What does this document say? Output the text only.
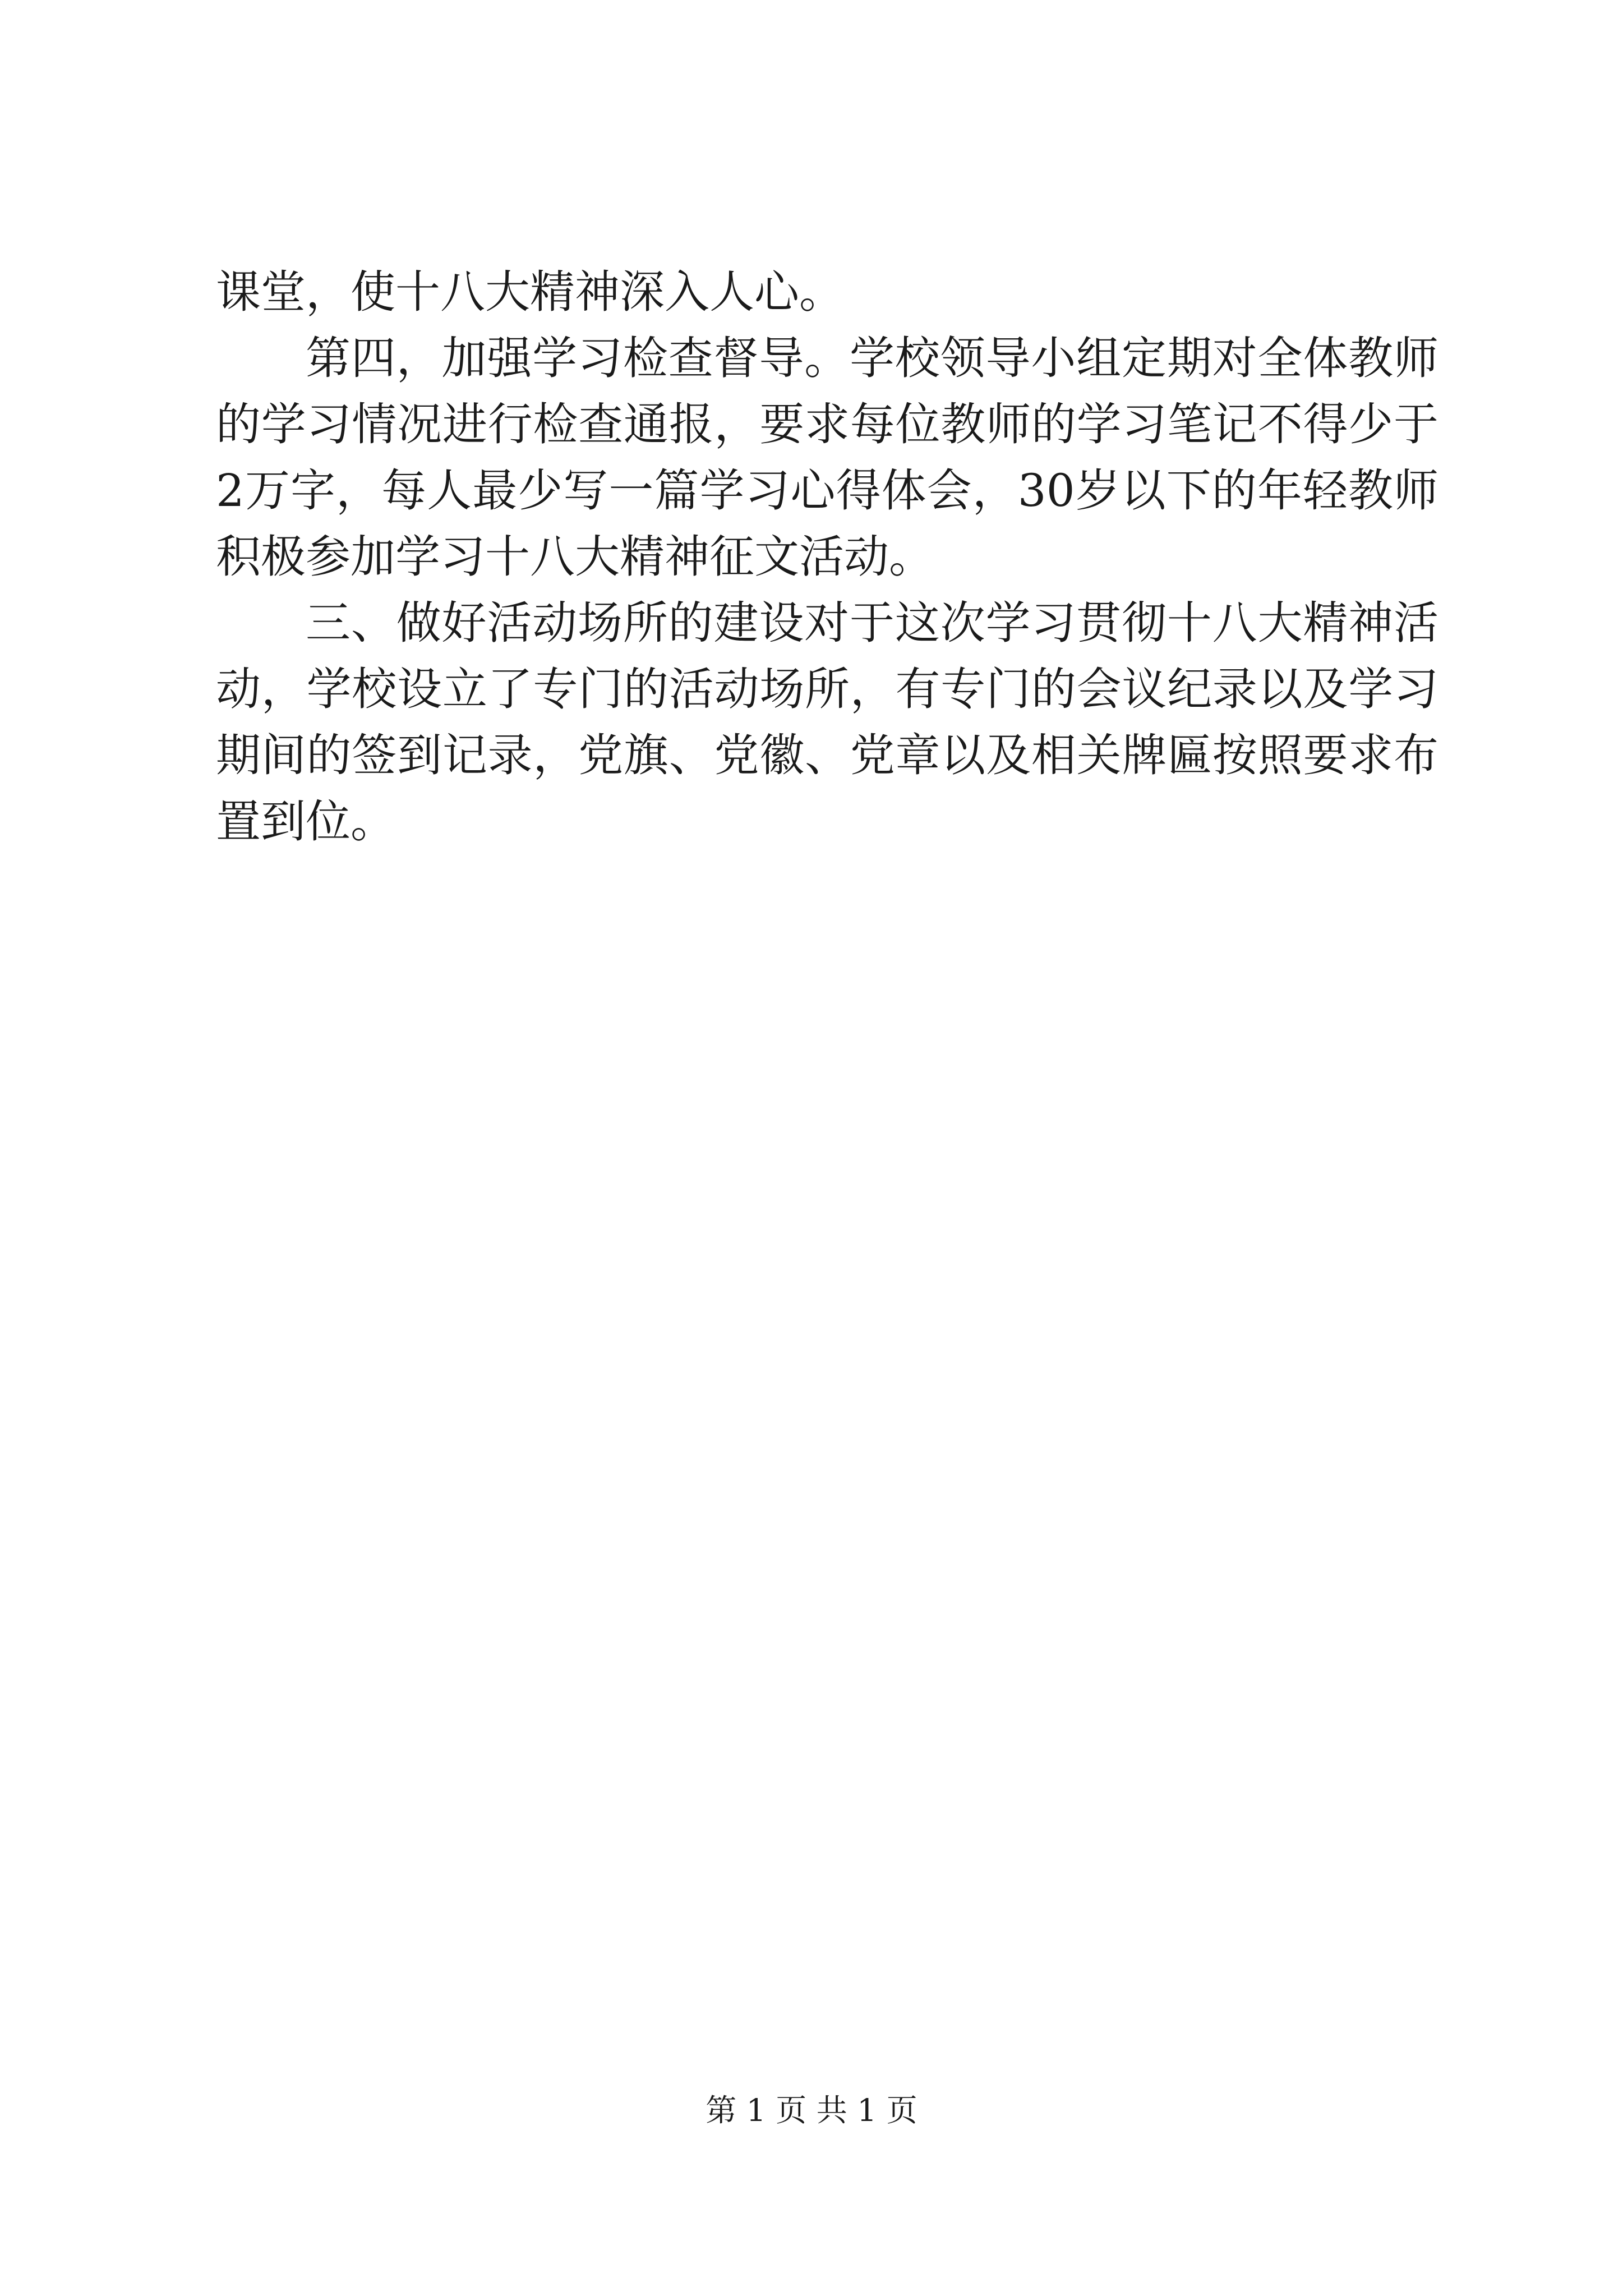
课堂，使十八大精神深入人心。

第四，加强学习检查督导。学校领导小组定期对全体教师的学习情况进行检查通报，要求每位教师的学习笔记不得少于2万字，每人最少写一篇学习心得体会，30岁以下的年轻教师积极参加学习十八大精神征文活动。

三、做好活动场所的建设对于这次学习贯彻十八大精神活动，学校设立了专门的活动场所，有专门的会议纪录以及学习期间的签到记录，党旗、党徽、党章以及相关牌匾按照要求布置到位。

第 1 页 共 1 页
